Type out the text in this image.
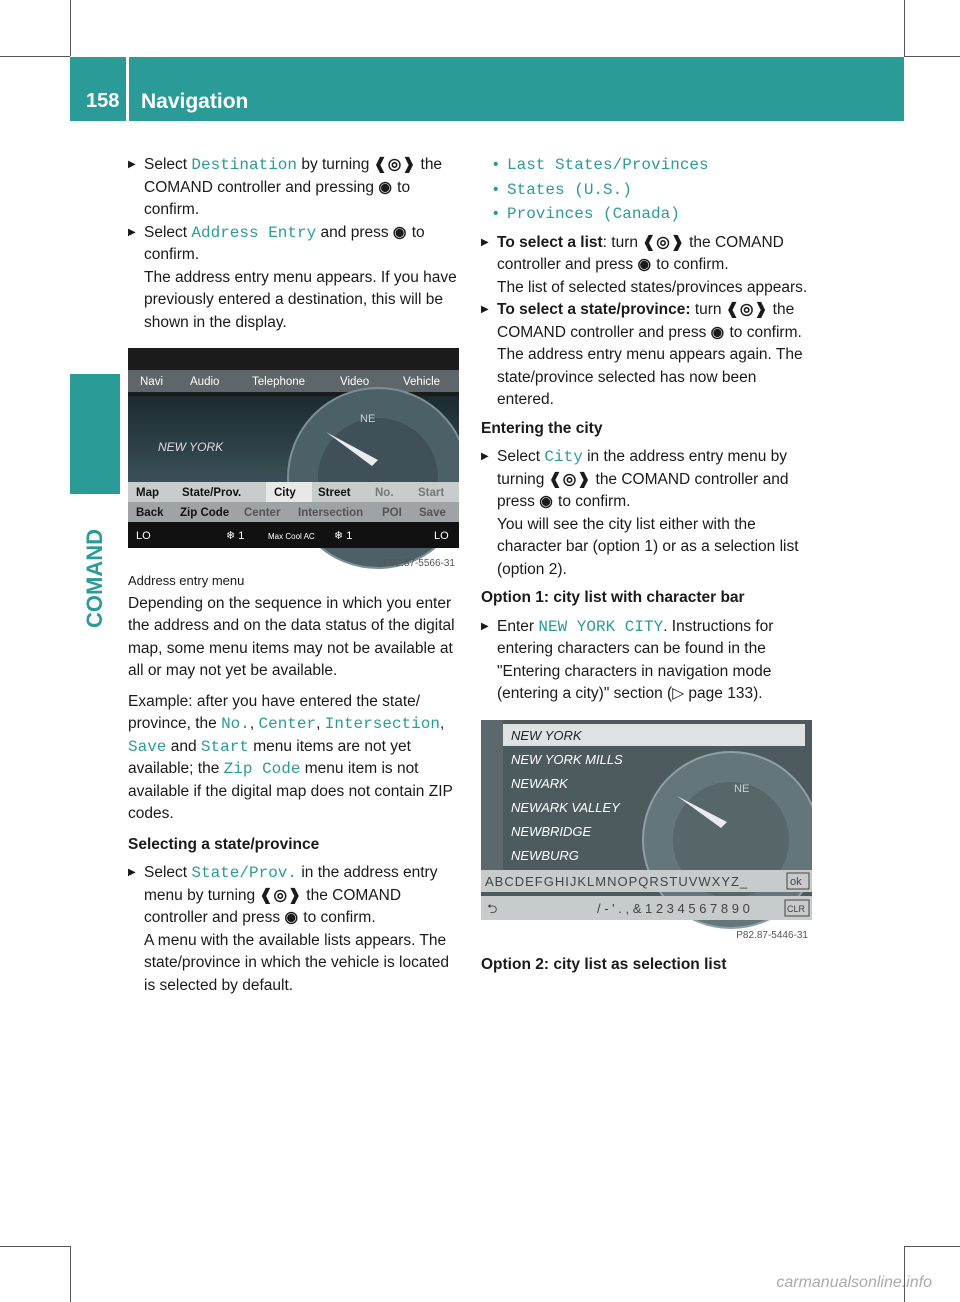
158 Navigation
COMAND

▶ Select Destination by turning ❰◎❱ the COMAND controller and pressing ◉ to confirm.

▶ Select Address Entry and press ◉ to confirm.
The address entry menu appears. If you have previously entered a destination, this will be shown in the display.

NE
NEW YORK
Navi Audio	Telephone	Video	Vehicle
Map State/Prov.	City Street No. Start
Back Zip Code Center Intersection POI Save
LO	❄ 1	Max Cool AC ❄ 1	LO
P82.87-5566-31

Address entry menu

Depending on the sequence in which you enter the address and on the data status of the digital map, some menu items may not be available at all or may not yet be available.

Example: after you have entered the state/ province, the No., Center, Intersection, Save and Start menu items are not yet available; the Zip Code menu item is not available if the digital map does not contain ZIP codes.

Selecting a state/province

▶ Select State/Prov. in the address entry menu by turning ❰◎❱ the COMAND controller and press ◉ to confirm.
A menu with the available lists appears. The state/province in which the vehicle is located is selected by default.

• Last States/Provinces

• States (U.S.)

• Provinces (Canada)

▶ To select a list: turn ❰◎❱ the COMAND controller and press ◉ to confirm.
The list of selected states/provinces appears.

▶ To select a state/province: turn ❰◎❱ the COMAND controller and press ◉ to confirm.
The address entry menu appears again. The state/province selected has now been entered.

Entering the city

▶ Select City in the address entry menu by turning ❰◎❱ the COMAND controller and press ◉ to confirm.
You will see the city list either with the character bar (option 1) or as a selection list (option 2).

Option 1: city list with character bar

▶ Enter NEW YORK CITY. Instructions for entering characters can be found in the "Entering characters in navigation mode (entering a city)" section (▷ page 133).

NE
NEW YORK
NEW YORK MILLS
NEWARK
NEWARK VALLEY
NEWBRIDGE
NEWBURG
ABCDEFGHIJKLMNOPQRSTUVWXYZ_	ok
⮌	/ - ' . , & 1 2 3 4 5 6 7 8 9 0	CLR
P82.87-5446-31
Option 2: city list as selection list
carmanualsonline.info
